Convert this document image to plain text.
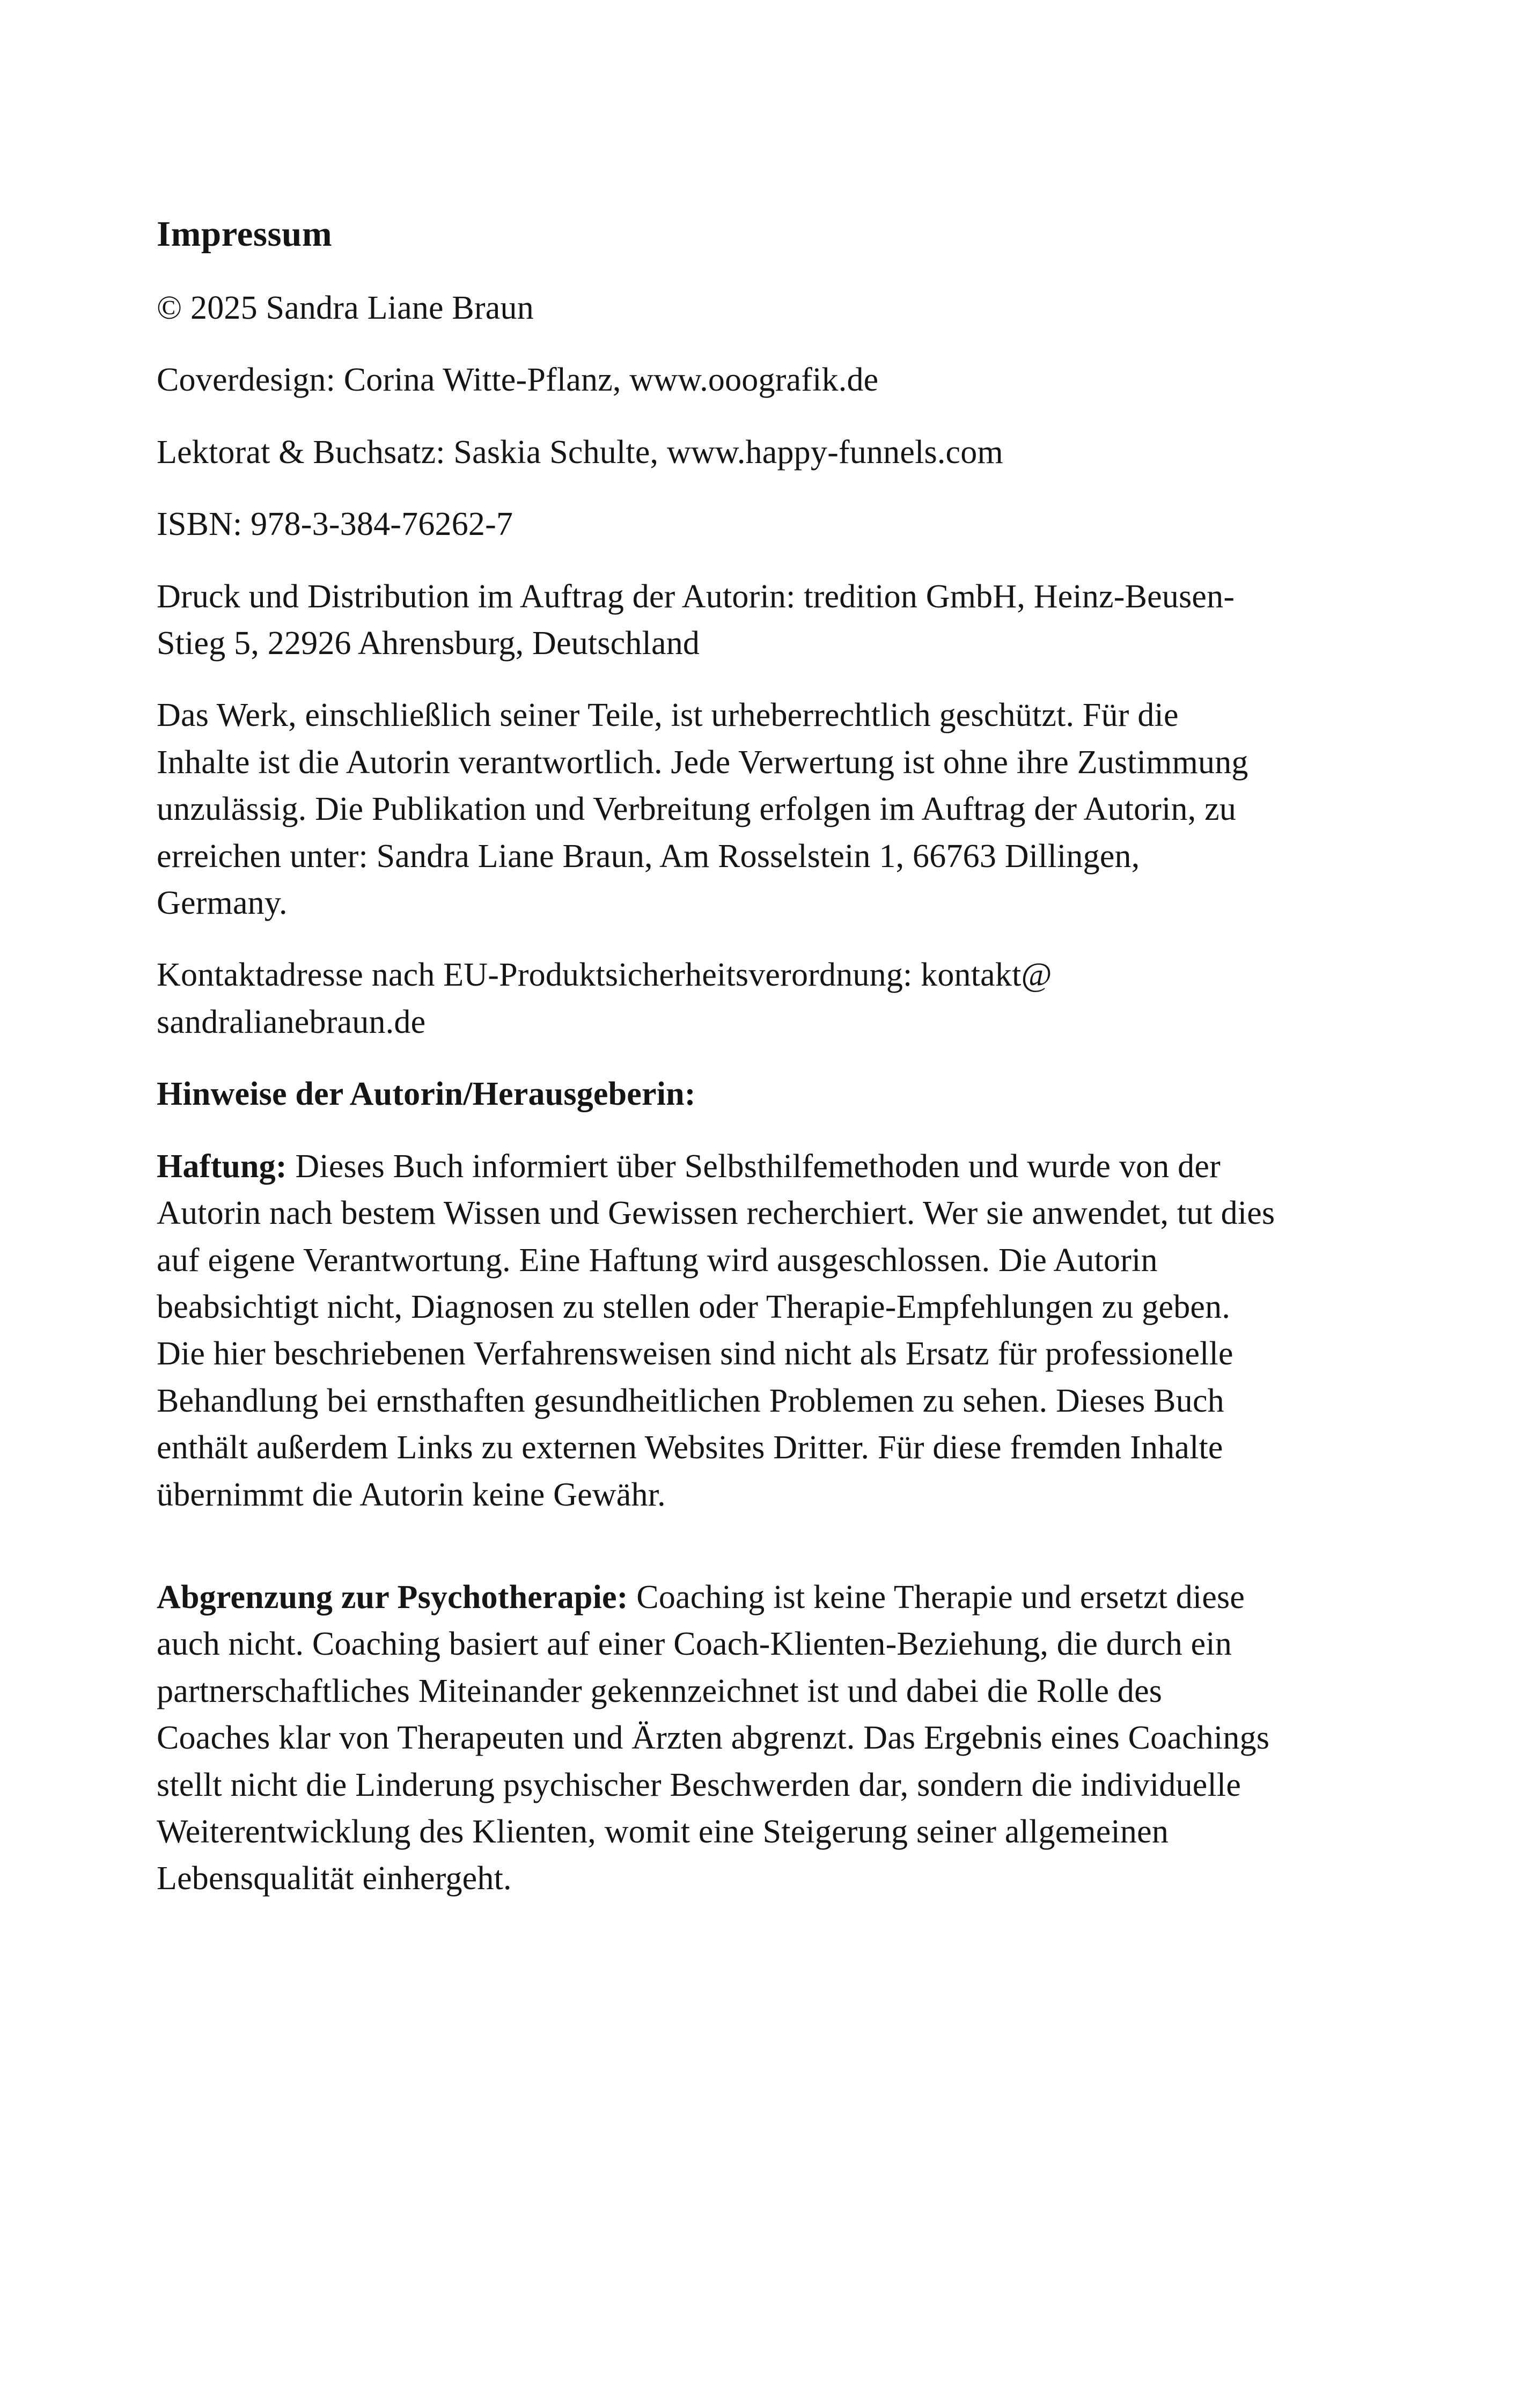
Impressum

© 2025 Sandra Liane Braun

Coverdesign: Corina Witte-Pflanz, www.ooografik.de

Lektorat & Buchsatz: Saskia Schulte, www.happy-funnels.com

ISBN: 978-3-384-76262-7

Druck und Distribution im Auftrag der Autorin: tredition GmbH, Heinz-Beusen-Stieg 5, 22926 Ahrensburg, Deutschland

Das Werk, einschließlich seiner Teile, ist urheberrechtlich geschützt. Für die Inhalte ist die Autorin verantwortlich. Jede Verwertung ist ohne ihre Zustimmung unzulässig. Die Publikation und Verbreitung erfolgen im Auftrag der Autorin, zu erreichen unter: Sandra Liane Braun, Am Rosselstein 1, 66763 Dillingen, Germany.

Kontaktadresse nach EU-Produktsicherheitsverordnung: kontakt@ sandralianebraun.de

Hinweise der Autorin/Herausgeberin:

Haftung: Dieses Buch informiert über Selbsthilfemethoden und wurde von der Autorin nach bestem Wissen und Gewissen recherchiert. Wer sie anwendet, tut dies auf eigene Verantwortung. Eine Haftung wird ausgeschlossen. Die Autorin beabsichtigt nicht, Diagnosen zu stellen oder Therapie-Empfehlungen zu geben. Die hier beschriebenen Verfahrensweisen sind nicht als Ersatz für professionelle Behandlung bei ernsthaften gesundheitlichen Problemen zu sehen. Dieses Buch enthält außerdem Links zu externen Websites Dritter. Für diese fremden Inhalte übernimmt die Autorin keine Gewähr.

Abgrenzung zur Psychotherapie: Coaching ist keine Therapie und ersetzt diese auch nicht. Coaching basiert auf einer Coach-Klienten-Beziehung, die durch ein partnerschaftliches Miteinander gekennzeichnet ist und dabei die Rolle des Coaches klar von Therapeuten und Ärzten abgrenzt. Das Ergebnis eines Coachings stellt nicht die Linderung psychischer Beschwerden dar, sondern die individuelle Weiterentwicklung des Klienten, womit eine Steigerung seiner allgemeinen Lebensqualität einhergeht.
